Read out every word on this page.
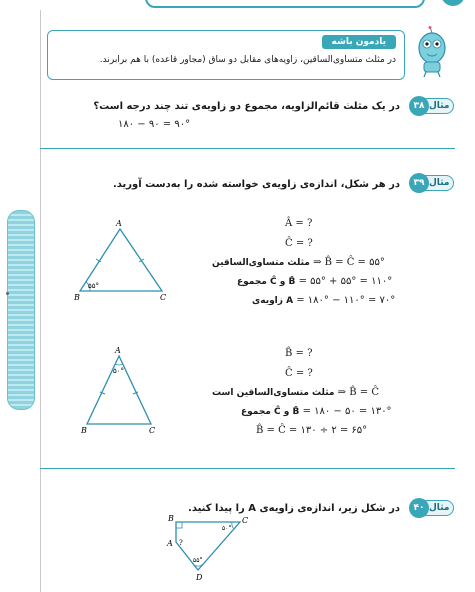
یادمون باشه
در مثلث متساوی‌الساقین، زاویه‌های مقابل دو ساق (مجاور قاعده) با هم برابرند.
۳۸ مثال
در یک مثلث قائم‌الزاویه، مجموع دو زاویه‌ی تند چند درجه است؟
۱۸۰ − ۹۰ = ۹۰°
۳۹ مثال
در هر شکل، اندازه‌ی زاویه‌ی خواسته شده را به‌دست آورید.
A
B	C
۵۵°
Â = ?
Ĉ = ?
مثلث متساوی‌الساقین ⇒ B̂ = Ĉ = ۵۵°
مجموع Ĉ و B̂ = ۵۵° + ۵۵° = ۱۱۰°
زاویه‌ی A = ۱۸۰° − ۱۱۰° = ۷۰°
A
B	C
۵۰°
B̂ = ?
Ĉ = ?
مثلث متساوی‌الساقین است ⇒ B̂ = Ĉ
مجموع Ĉ و B̂ = ۱۸۰ − ۵۰ = ۱۳۰°
B̂ = Ĉ = ۱۳۰ ÷ ۲ = ۶۵°
۴۰ مثال
در شکل زیر، اندازه‌ی زاویه‌ی A را پیدا کنید.
B	C
A
D
۵۰°
۵۵°
?
